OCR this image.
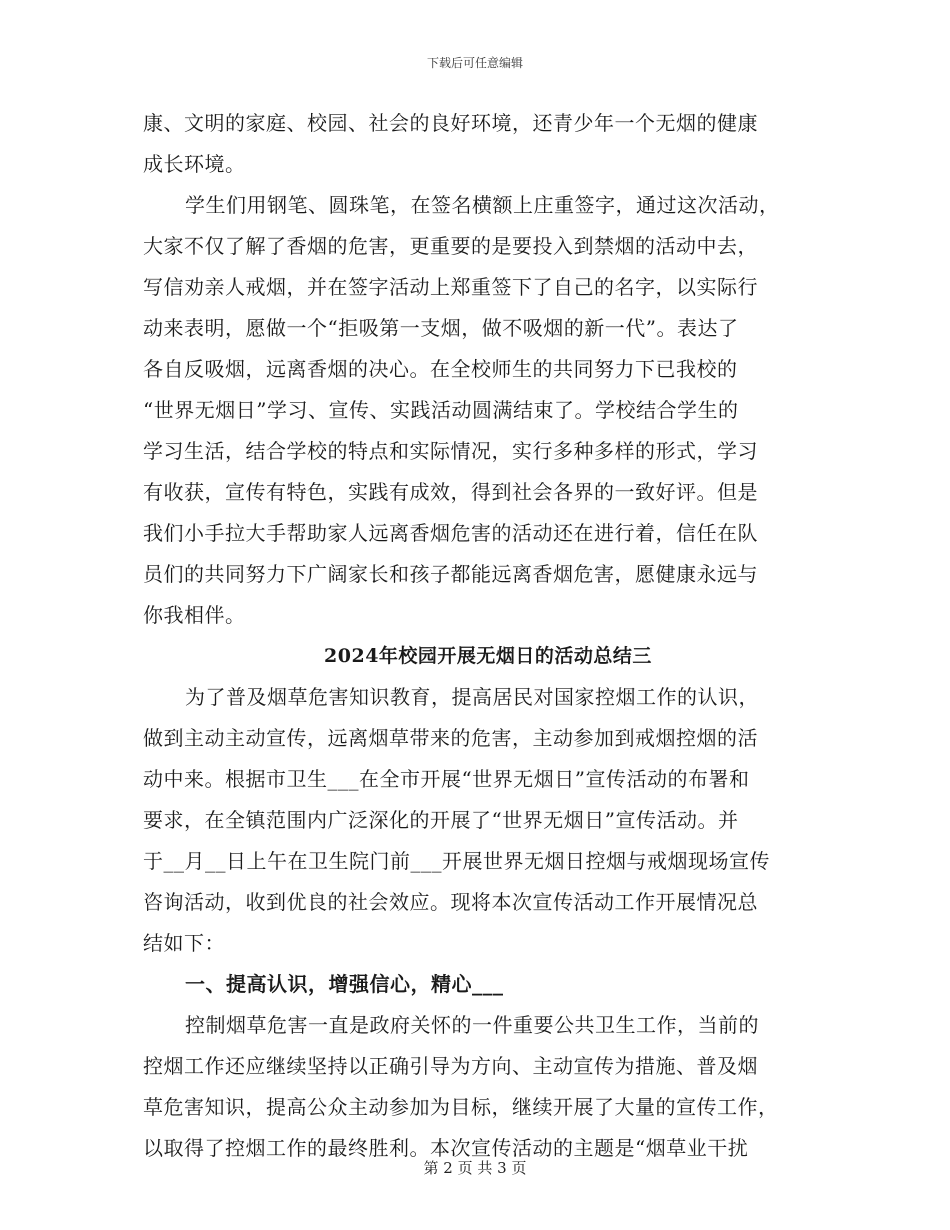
下载后可任意编辑
康、文明的家庭、校园、社会的良好环境，还青少年一个无烟的健康
成长环境。
学生们用钢笔、圆珠笔，在签名横额上庄重签字，通过这次活动，
大家不仅了解了香烟的危害，更重要的是要投入到禁烟的活动中去，
写信劝亲人戒烟，并在签字活动上郑重签下了自己的名字，以实际行
动来表明，愿做一个“拒吸第一支烟，做不吸烟的新一代”。表达了
各自反吸烟，远离香烟的决心。在全校师生的共同努力下已我校的
“世界无烟日”学习、宣传、实践活动圆满结束了。学校结合学生的
学习生活，结合学校的特点和实际情况，实行多种多样的形式，学习
有收获，宣传有特色，实践有成效，得到社会各界的一致好评。但是
我们小手拉大手帮助家人远离香烟危害的活动还在进行着，信任在队
员们的共同努力下广阔家长和孩子都能远离香烟危害，愿健康永远与
你我相伴。
2024年校园开展无烟日的活动总结三
为了普及烟草危害知识教育，提高居民对国家控烟工作的认识，
做到主动主动宣传，远离烟草带来的危害，主动参加到戒烟控烟的活
动中来。根据市卫生___在全市开展“世界无烟日”宣传活动的布署和
要求，在全镇范围内广泛深化的开展了“世界无烟日”宣传活动。并
于__月__日上午在卫生院门前___开展世界无烟日控烟与戒烟现场宣传
咨询活动，收到优良的社会效应。现将本次宣传活动工作开展情况总
结如下：
一、提高认识，增强信心，精心___
控制烟草危害一直是政府关怀的一件重要公共卫生工作，当前的
控烟工作还应继续坚持以正确引导为方向、主动宣传为措施、普及烟
草危害知识，提高公众主动参加为目标，继续开展了大量的宣传工作，
以取得了控烟工作的最终胜利。本次宣传活动的主题是“烟草业干扰
第 2 页 共 3 页
